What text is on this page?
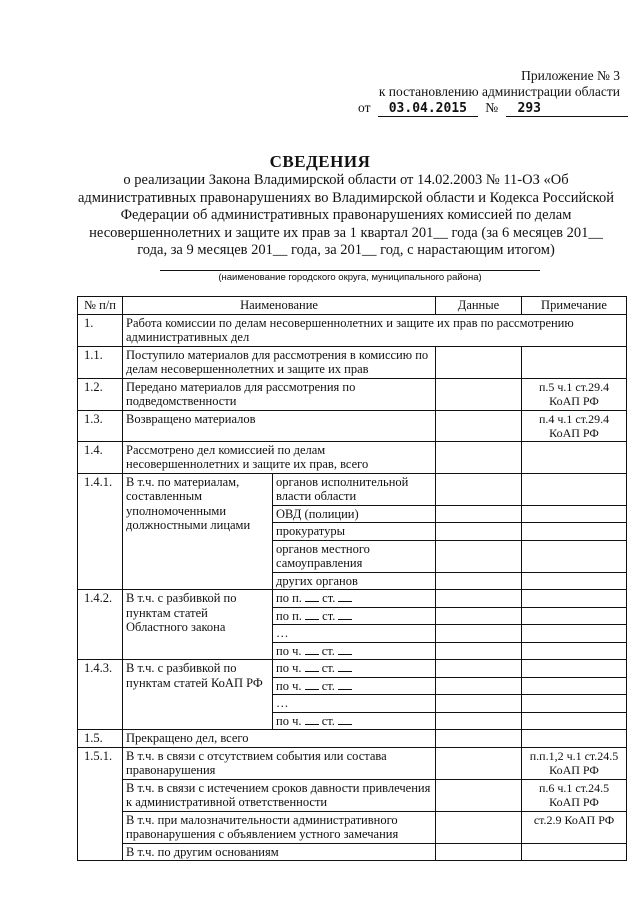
Приложение № 3
к постановлению администрации области
от 03.04.2015 № 293
СВЕДЕНИЯ
о реализации Закона Владимирской области от 14.02.2003 № 11-ОЗ «Об административных правонарушениях во Владимирской области и Кодекса Российской Федерации об административных правонарушениях комиссией по делам несовершеннолетних и защите их прав за 1 квартал 201__ года (за 6 месяцев 201__ года, за 9 месяцев 201__ года, за 201__ год, с нарастающим итогом)
(наименование городского округа, муниципального района)
№ п/п	Наименование		Данные	Примечание
1.	Работа комиссии по делам несовершеннолетних и защите их прав по рассмотрению административных дел			
1.1.	Поступило материалов для рассмотрения в комиссию по делам несовершеннолетних и защите их прав			
1.2.	Передано материалов для рассмотрения по подведомственности			п.5 ч.1 ст.29.4 КоАП РФ
1.3.	Возвращено материалов			п.4 ч.1 ст.29.4 КоАП РФ
1.4.	Рассмотрено дел комиссией по делам несовершеннолетних и защите их прав, всего			
1.4.1.	В т.ч. по материалам, составленным уполномоченными должностными лицами	органов исполнительной власти области		
		ОВД (полиции)		
		прокуратуры		
		органов местного самоуправления		
		других органов		
1.4.2.	В т.ч. с разбивкой по пунктам статей Областного закона	по п. ст.		
		по п. ст.		
		…		
		по ч. ст.		
1.4.3.	В т.ч. с разбивкой по пунктам статей КоАП РФ	по ч. ст.		
		по ч. ст.		
		…		
		по ч. ст.		
1.5.	Прекращено дел, всего			
1.5.1.	В т.ч. в связи с отсутствием события или состава правонарушения			п.п.1,2 ч.1 ст.24.5 КоАП РФ
	В т.ч. в связи с истечением сроков давности привлечения к административной ответственности			п.6 ч.1 ст.24.5 КоАП РФ
	В т.ч. при малозначительности административного правонарушения с объявлением устного замечания			ст.2.9 КоАП РФ
	В т.ч. по другим основаниям			
